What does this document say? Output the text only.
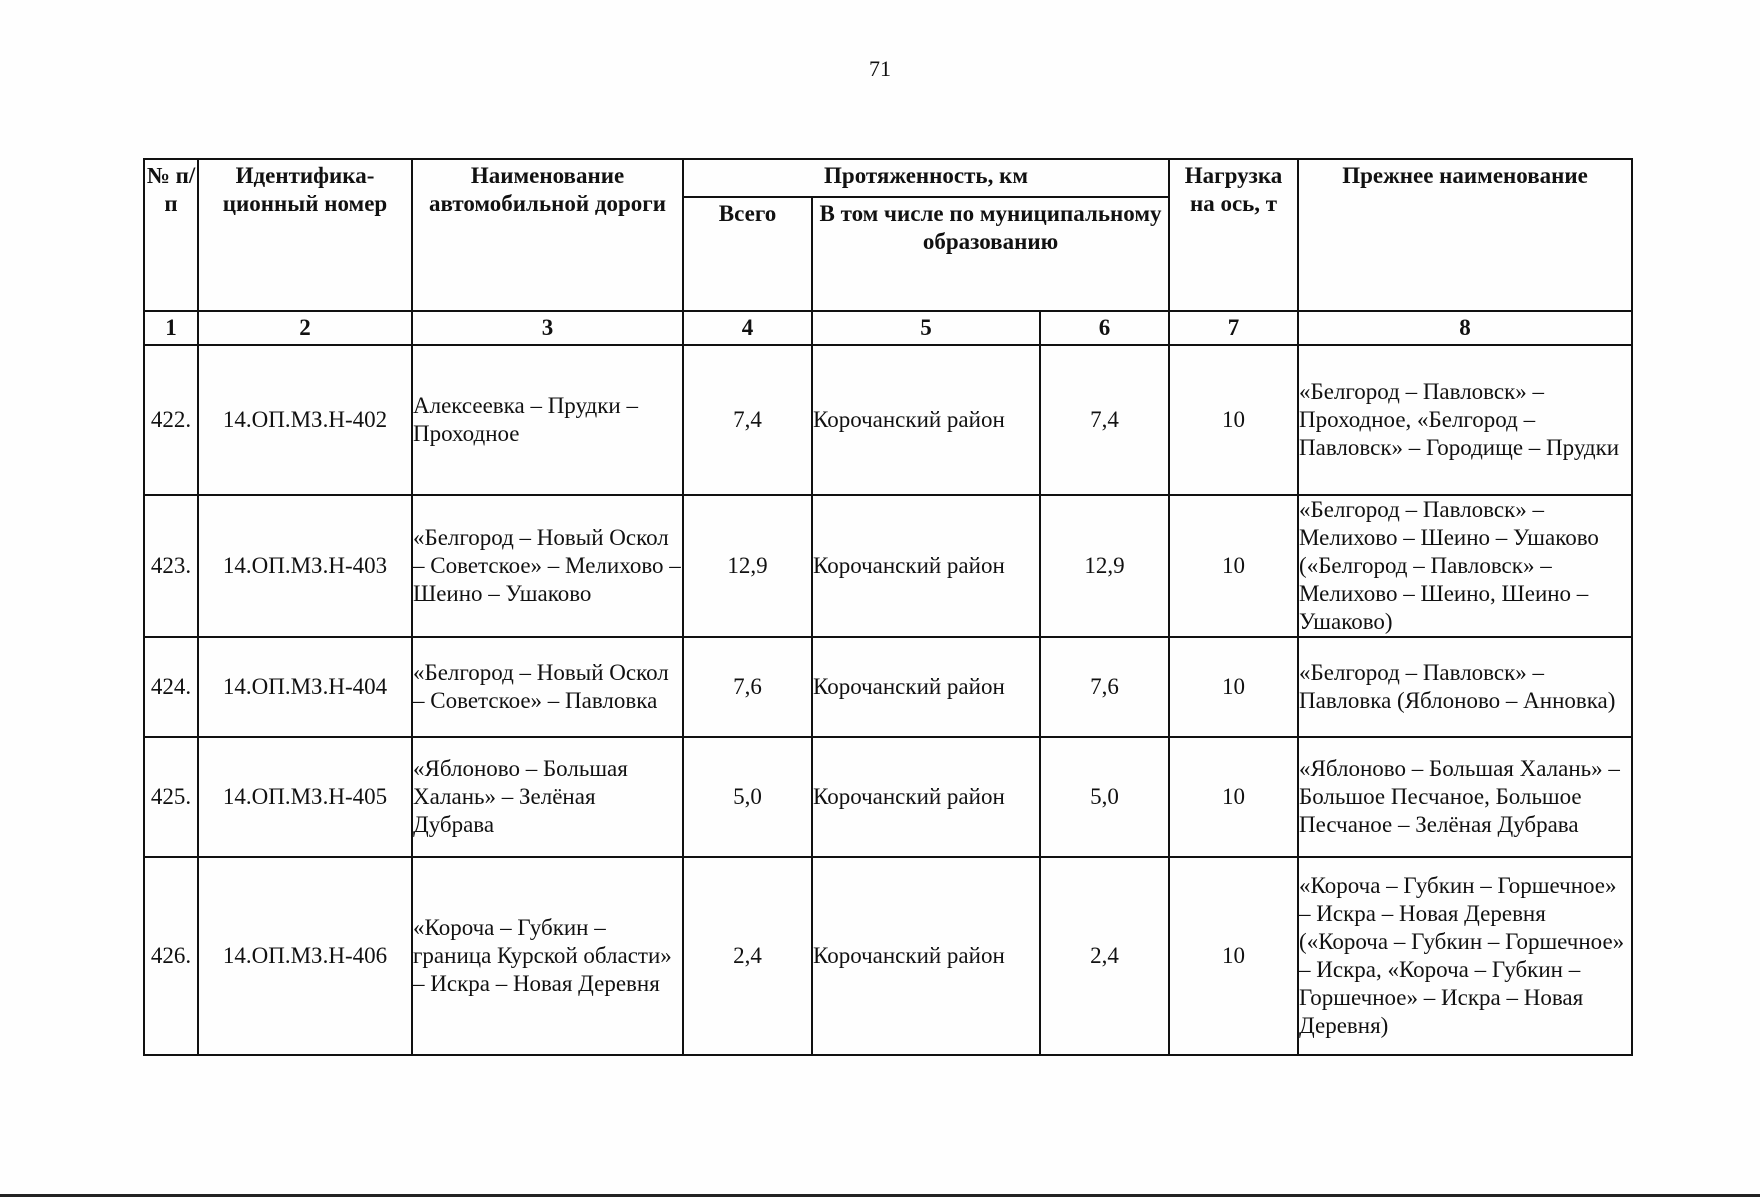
71
№ п/п	Идентифика-ционный номер	Наименование автомобильной дороги	Протяженность, км			Нагрузка на ось, т	Прежнее наименование
			Всего	В том числе по муниципальному образованию			
1	2	3	4	5	6	7	8
422.	14.ОП.МЗ.Н-402	Алексеевка – Прудки – Проходное	7,4	Корочанский район	7,4	10	«Белгород – Павловск» – Проходное, «Белгород – Павловск» – Городище – Прудки
423.	14.ОП.МЗ.Н-403	«Белгород – Новый Оскол – Советское» – Мелихово – Шеино – Ушаково	12,9	Корочанский район	12,9	10	«Белгород – Павловск» – Мелихово – Шеино – Ушаково («Белгород – Павловск» – Мелихово – Шеино, Шеино – Ушаково)
424.	14.ОП.МЗ.Н-404	«Белгород – Новый Оскол – Советское» – Павловка	7,6	Корочанский район	7,6	10	«Белгород – Павловск» – Павловка (Яблоново – Анновка)
425.	14.ОП.МЗ.Н-405	«Яблоново – Большая Халань» – Зелёная Дубрава	5,0	Корочанский район	5,0	10	«Яблоново – Большая Халань» – Большое Песчаное, Большое Песчаное – Зелёная Дубрава
426.	14.ОП.МЗ.Н-406	«Короча – Губкин – граница Курской области» – Искра – Новая Деревня	2,4	Корочанский район	2,4	10	«Короча – Губкин – Горшечное» – Искра – Новая Деревня («Короча – Губкин – Горшечное» – Искра, «Короча – Губкин – Горшечное» – Искра – Новая Деревня)
